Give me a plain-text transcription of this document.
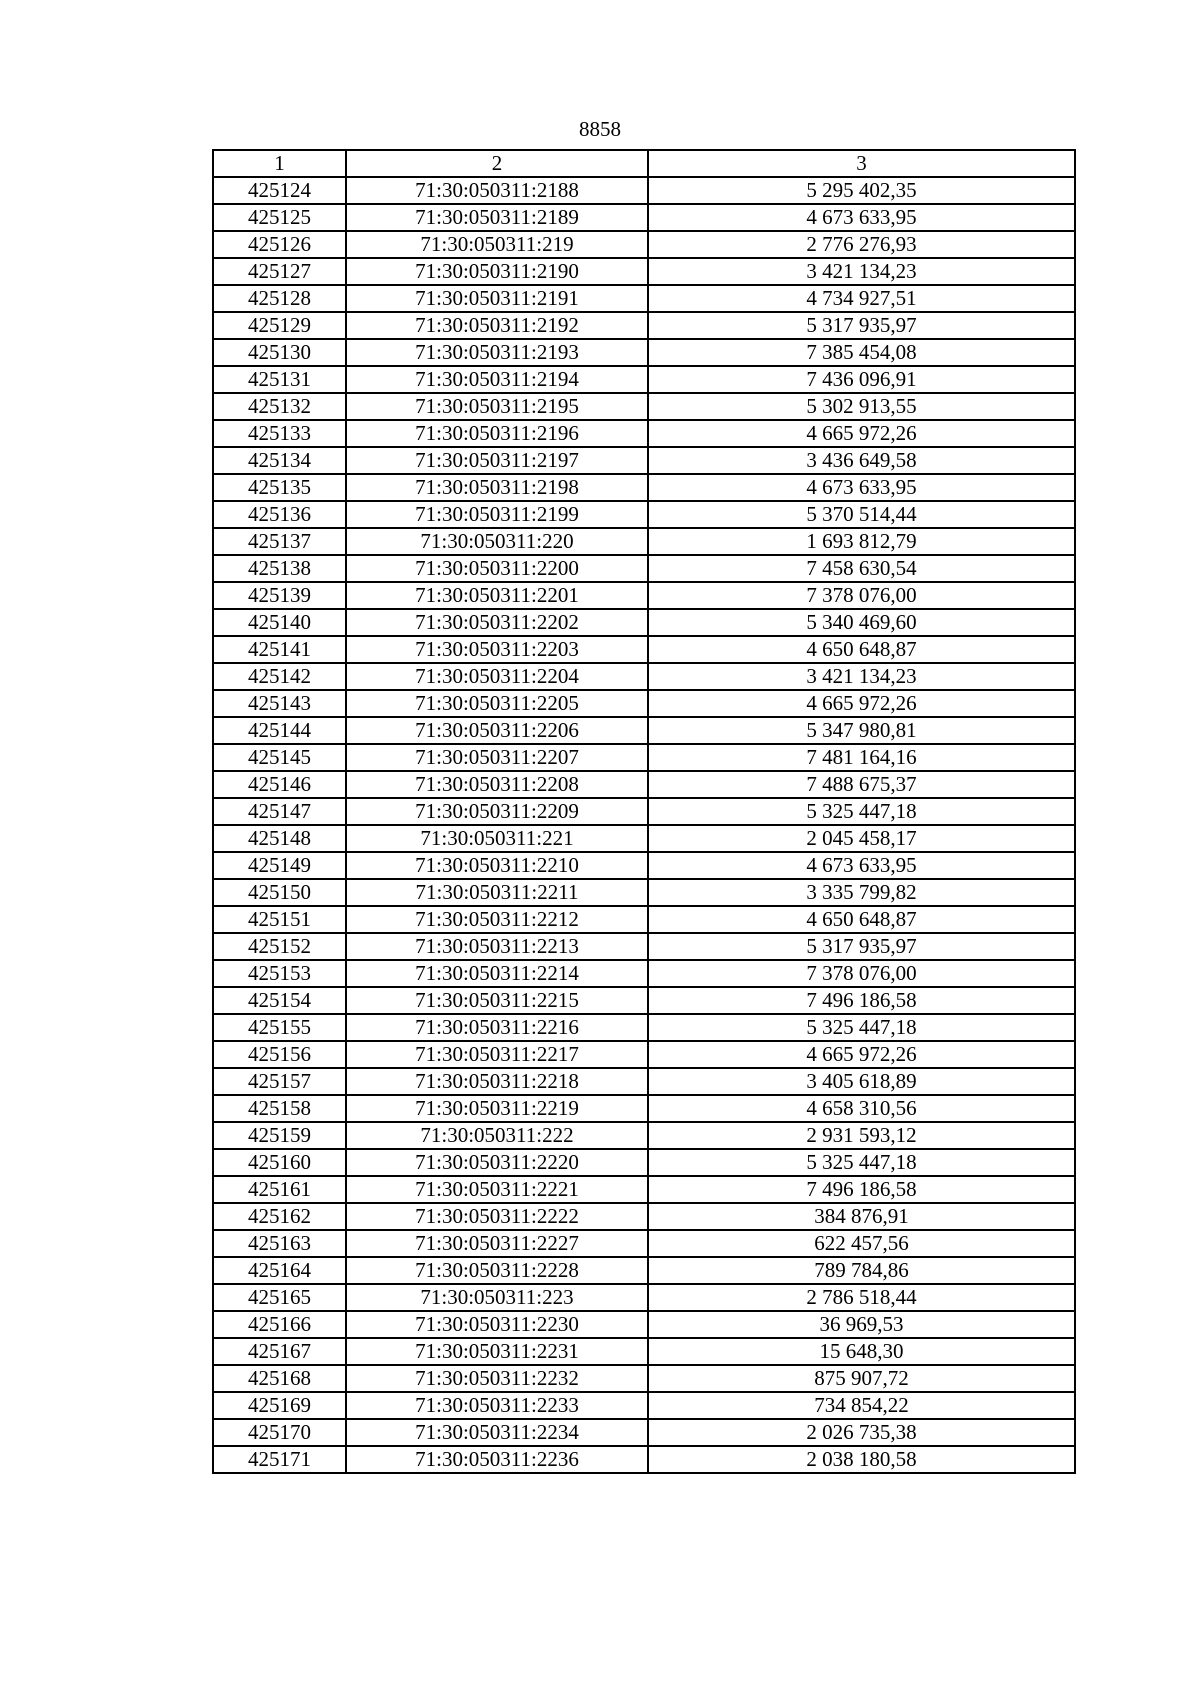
8858
1	2	3
425124	71:30:050311:2188	5 295 402,35
425125	71:30:050311:2189	4 673 633,95
425126	71:30:050311:219	2 776 276,93
425127	71:30:050311:2190	3 421 134,23
425128	71:30:050311:2191	4 734 927,51
425129	71:30:050311:2192	5 317 935,97
425130	71:30:050311:2193	7 385 454,08
425131	71:30:050311:2194	7 436 096,91
425132	71:30:050311:2195	5 302 913,55
425133	71:30:050311:2196	4 665 972,26
425134	71:30:050311:2197	3 436 649,58
425135	71:30:050311:2198	4 673 633,95
425136	71:30:050311:2199	5 370 514,44
425137	71:30:050311:220	1 693 812,79
425138	71:30:050311:2200	7 458 630,54
425139	71:30:050311:2201	7 378 076,00
425140	71:30:050311:2202	5 340 469,60
425141	71:30:050311:2203	4 650 648,87
425142	71:30:050311:2204	3 421 134,23
425143	71:30:050311:2205	4 665 972,26
425144	71:30:050311:2206	5 347 980,81
425145	71:30:050311:2207	7 481 164,16
425146	71:30:050311:2208	7 488 675,37
425147	71:30:050311:2209	5 325 447,18
425148	71:30:050311:221	2 045 458,17
425149	71:30:050311:2210	4 673 633,95
425150	71:30:050311:2211	3 335 799,82
425151	71:30:050311:2212	4 650 648,87
425152	71:30:050311:2213	5 317 935,97
425153	71:30:050311:2214	7 378 076,00
425154	71:30:050311:2215	7 496 186,58
425155	71:30:050311:2216	5 325 447,18
425156	71:30:050311:2217	4 665 972,26
425157	71:30:050311:2218	3 405 618,89
425158	71:30:050311:2219	4 658 310,56
425159	71:30:050311:222	2 931 593,12
425160	71:30:050311:2220	5 325 447,18
425161	71:30:050311:2221	7 496 186,58
425162	71:30:050311:2222	384 876,91
425163	71:30:050311:2227	622 457,56
425164	71:30:050311:2228	789 784,86
425165	71:30:050311:223	2 786 518,44
425166	71:30:050311:2230	36 969,53
425167	71:30:050311:2231	15 648,30
425168	71:30:050311:2232	875 907,72
425169	71:30:050311:2233	734 854,22
425170	71:30:050311:2234	2 026 735,38
425171	71:30:050311:2236	2 038 180,58
